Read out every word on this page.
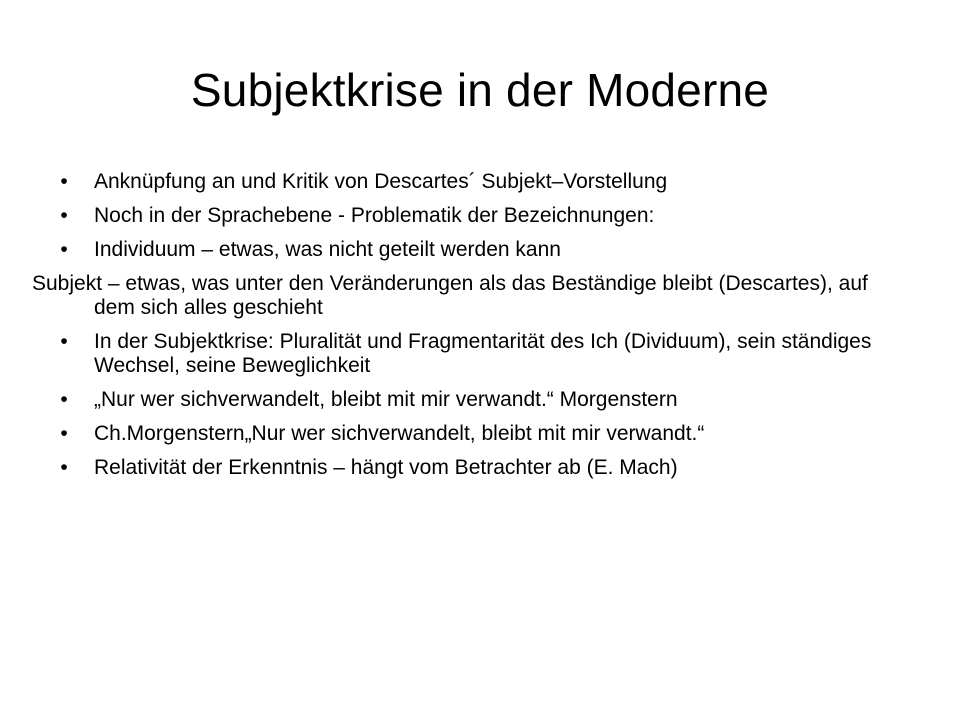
Subjektkrise in der Moderne
• Anknüpfung an und Kritik von Descartes´ Subjekt–Vorstellung
• Noch in der Sprachebene - Problematik der Bezeichnungen:
• Individuum – etwas, was nicht geteilt werden kann
Subjekt – etwas, was unter den Veränderungen als das Beständige bleibt (Descartes), auf dem sich alles geschieht
• In der Subjektkrise: Pluralität und Fragmentarität des Ich (Dividuum), sein ständiges Wechsel, seine Beweglichkeit
• „Nur wer sichverwandelt, bleibt mit mir verwandt.“ Morgenstern
• Ch.Morgenstern„Nur wer sichverwandelt, bleibt mit mir verwandt.“
• Relativität der Erkenntnis – hängt vom Betrachter ab (E. Mach)
